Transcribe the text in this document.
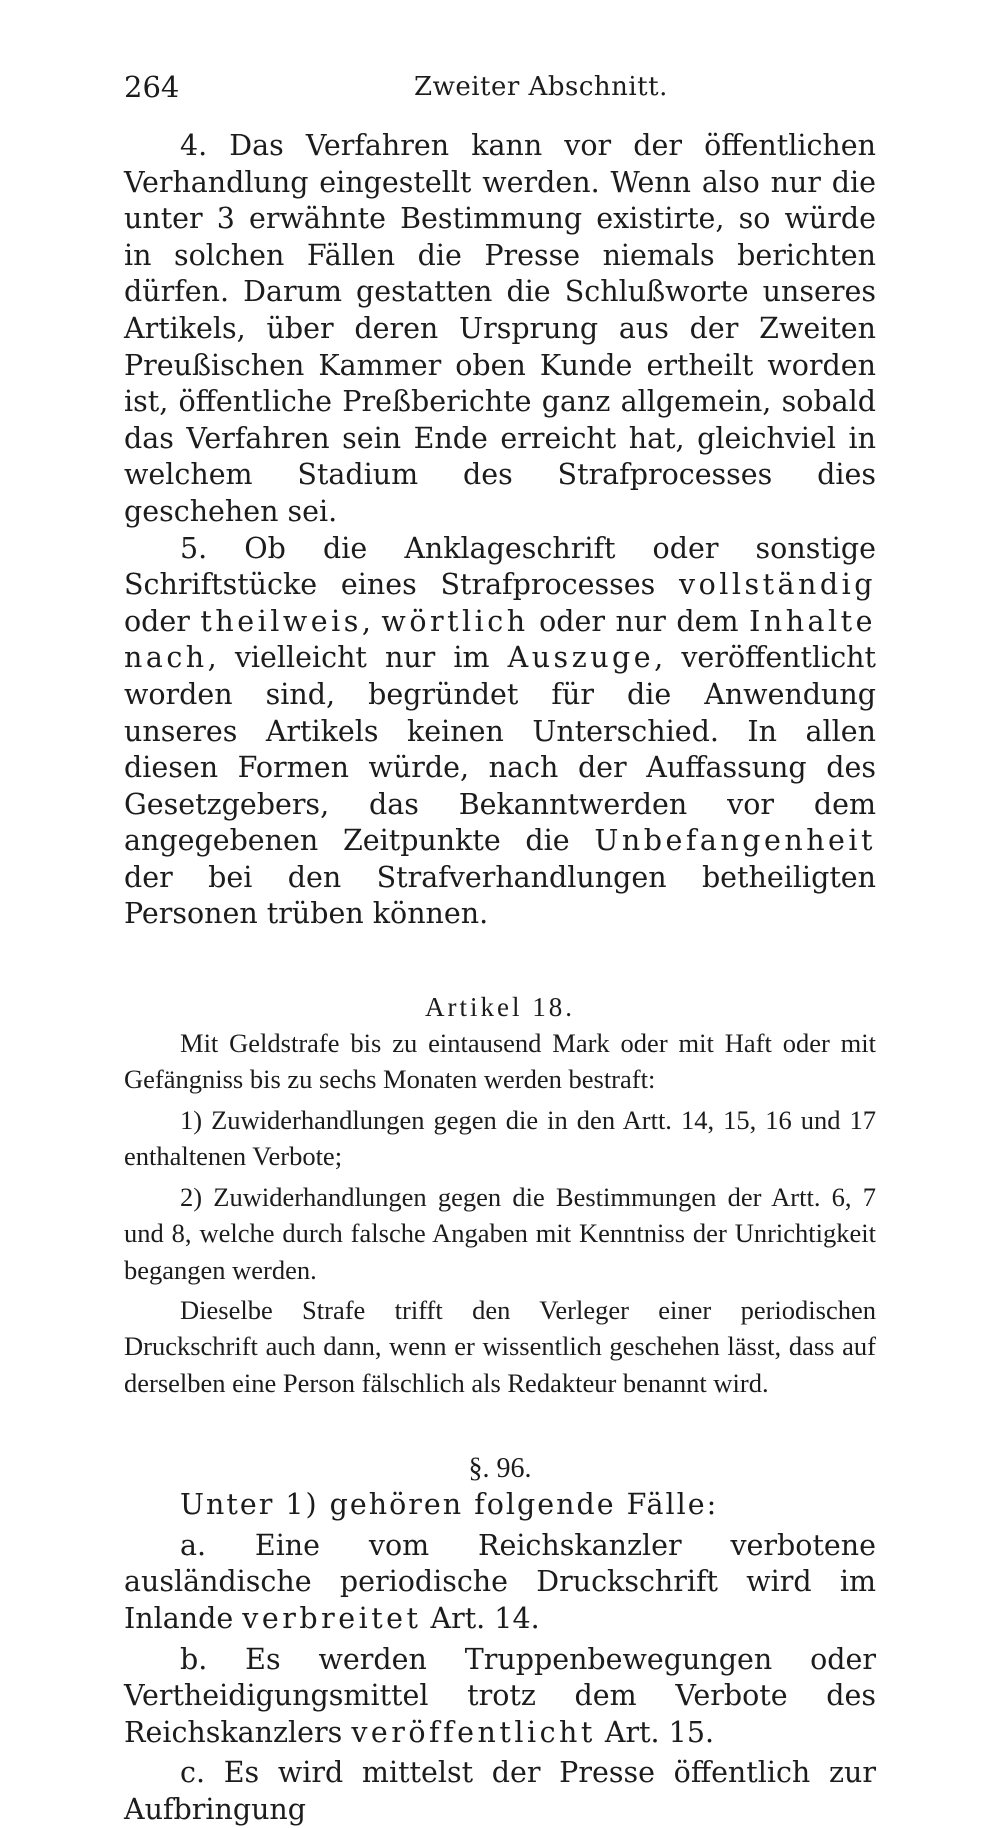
264	Zweiter Abschnitt.

4. Das Verfahren kann vor der öffentlichen Verhandlung eingestellt werden. Wenn also nur die unter 3 erwähnte Bestimmung existirte, so würde in solchen Fällen die Presse niemals berichten dürfen. Darum gestatten die Schlußworte unseres Artikels, über deren Ursprung aus der Zweiten Preußischen Kammer oben Kunde ertheilt worden ist, öffentliche Preßberichte ganz allgemein, sobald das Verfahren sein Ende erreicht hat, gleichviel in welchem Stadium des Strafprocesses dies geschehen sei.

5. Ob die Anklageschrift oder sonstige Schriftstücke eines Strafprocesses vollständig oder theilweis, wörtlich oder nur dem Inhalte nach, vielleicht nur im Auszuge, veröffentlicht worden sind, begründet für die Anwendung unseres Artikels keinen Unterschied. In allen diesen Formen würde, nach der Auffassung des Gesetzgebers, das Bekanntwerden vor dem angegebenen Zeitpunkte die Unbefangenheit der bei den Strafverhandlungen betheiligten Personen trüben können.

Artikel 18.

Mit Geldstrafe bis zu eintausend Mark oder mit Haft oder mit Gefängniss bis zu sechs Monaten werden bestraft:

1) Zuwiderhandlungen gegen die in den Artt. 14, 15, 16 und 17 enthaltenen Verbote;

2) Zuwiderhandlungen gegen die Bestimmungen der Artt. 6, 7 und 8, welche durch falsche Angaben mit Kenntniss der Unrichtigkeit begangen werden.

Dieselbe Strafe trifft den Verleger einer periodischen Druckschrift auch dann, wenn er wissentlich geschehen lässt, dass auf derselben eine Person fälschlich als Redakteur benannt wird.

§. 96.

Unter 1) gehören folgende Fälle:

a. Eine vom Reichskanzler verbotene ausländische periodische Druckschrift wird im Inlande verbreitet Art. 14.

b. Es werden Truppenbewegungen oder Vertheidigungsmittel trotz dem Verbote des Reichskanzlers veröffentlicht Art. 15.

c. Es wird mittelst der Presse öffentlich zur Aufbringung
